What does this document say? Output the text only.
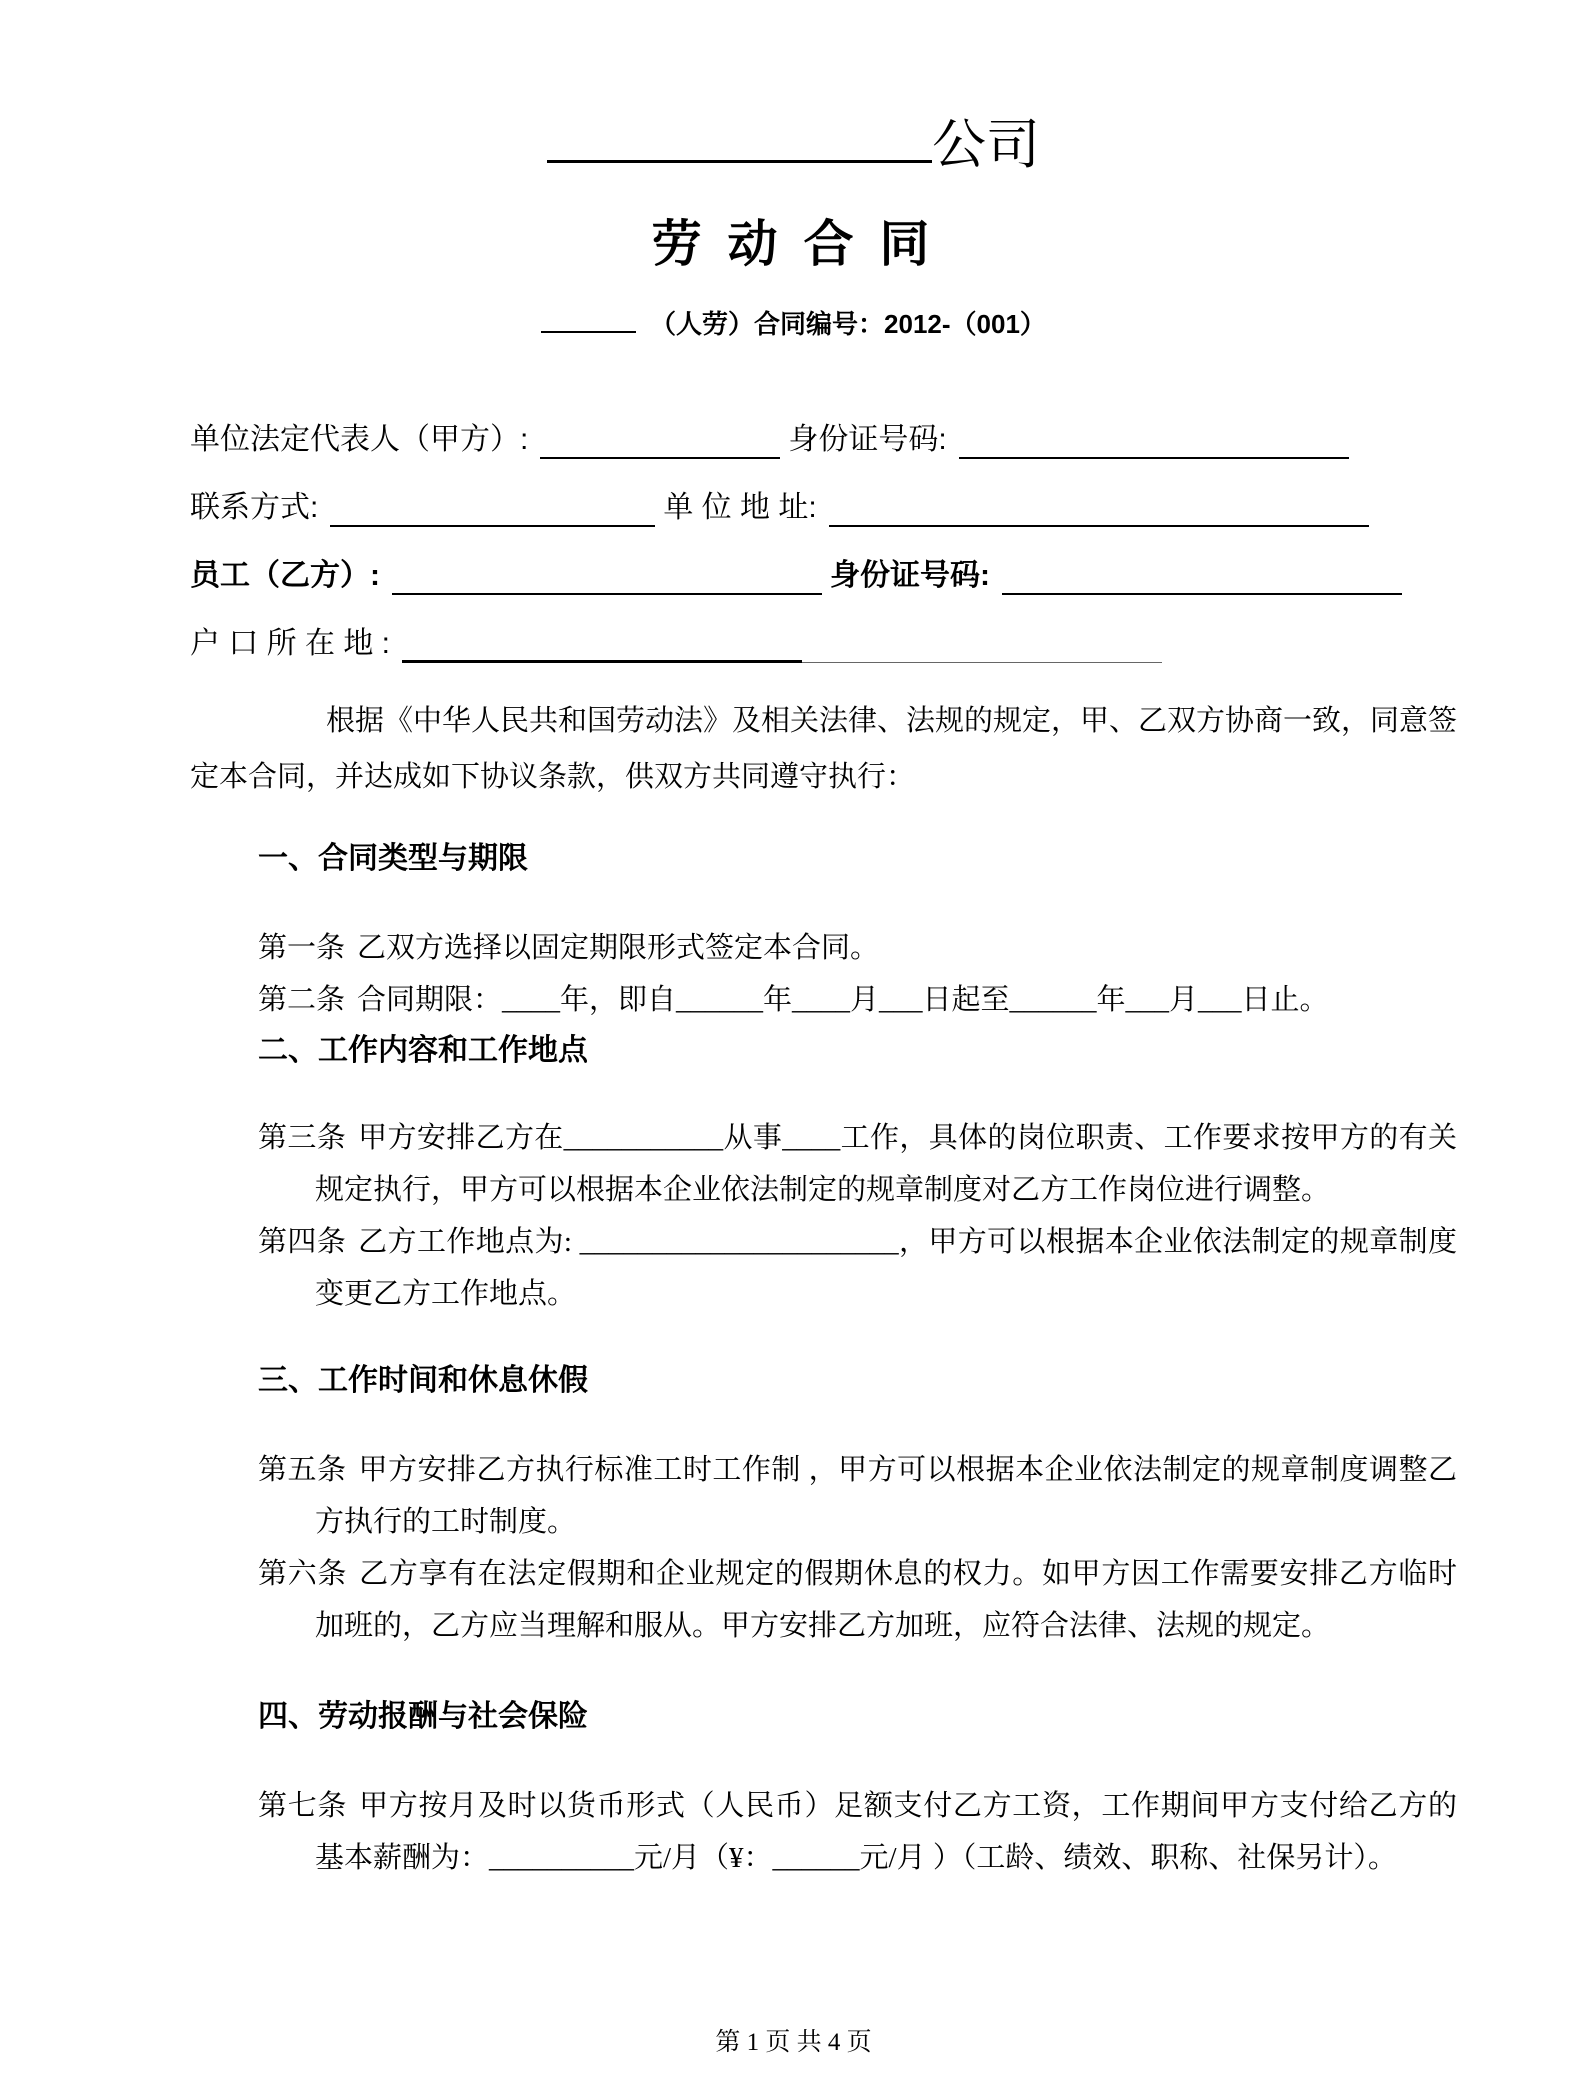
公司
劳 动 合 同
（人劳）合同编号：2012-（001）
单位法定代表人（甲方）:	身份证号码:
联系方式:	单 位 地 址:
员工（乙方）:	身份证号码:
户 口 所 在 地 :

根据《中华人民共和国劳动法》及相关法律、法规的规定，甲、乙双方协商一致，同意签定本合同，并达成如下协议条款，供双方共同遵守执行：

一、合同类型与期限

第一条 乙双方选择以固定期限形式签定本合同。

第二条 合同期限：____年，即自______年____月___日起至______年___月___日止。

二、工作内容和工作地点

第三条 甲方安排乙方在___________从事____工作，具体的岗位职责、工作要求按甲方的有关规定执行，甲方可以根据本企业依法制定的规章制度对乙方工作岗位进行调整。

第四条 乙方工作地点为: ______________________，甲方可以根据本企业依法制定的规章制度变更乙方工作地点。

三、工作时间和休息休假

第五条 甲方安排乙方执行标准工时工作制 ，甲方可以根据本企业依法制定的规章制度调整乙方执行的工时制度。

第六条 乙方享有在法定假期和企业规定的假期休息的权力。如甲方因工作需要安排乙方临时加班的，乙方应当理解和服从。甲方安排乙方加班，应符合法律、法规的规定。

四、劳动报酬与社会保险

第七条 甲方按月及时以货币形式（人民币）足额支付乙方工资，工作期间甲方支付给乙方的基本薪酬为：__________元/月（¥：______元/月 ）（工龄、绩效、职称、社保另计）。

第 1 页 共 4 页
